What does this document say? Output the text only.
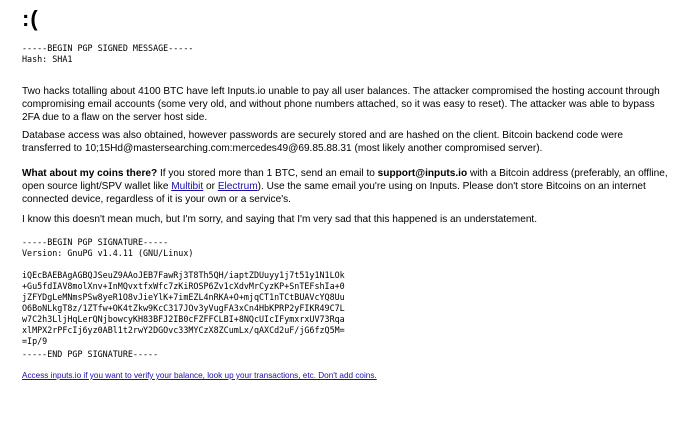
:(
-----BEGIN PGP SIGNED MESSAGE-----
Hash: SHA1
Two hacks totalling about 4100 BTC have left Inputs.io unable to pay all user balances. The attacker compromised the hosting account through compromising email accounts (some very old, and without phone numbers attached, so it was easy to reset). The attacker was able to bypass 2FA due to a flaw on the server host side.
Database access was also obtained, however passwords are securely stored and are hashed on the client. Bitcoin backend code were transferred to 10;15Hd@mastersearching.com:mercedes49@69.85.88.31 (most likely another compromised server).
What about my coins there? If you stored more than 1 BTC, send an email to support@inputs.io with a Bitcoin address (preferably, an offline, open source light/SPV wallet like Multibit or Electrum). Use the same email you're using on Inputs. Please don't store Bitcoins on an internet connected device, regardless of it is your own or a service's.
I know this doesn't mean much, but I'm sorry, and saying that I'm very sad that this happened is an understatement.
-----BEGIN PGP SIGNATURE-----
Version: GnuPG v1.4.11 (GNU/Linux)
iQEcBAEBAgAGBQJSeuZ9AAoJEB7FawRj3T8Th5QH/iaptZDUuyy1j7t51y1N1LOk
+Gu5fdIAV8molXnv+InMQvxtfxWfc7zKiROSP6Zv1cXdvMrCyzKP+SnTEFshIa+0
jZFYDgLeMNmsPSw8yeR1O8vJieYlK+7imEZL4nRKA+O+mjqCT1nTCtBUAVcYQ8Uu
O6BoNLkgT8z/1ZTfw+OK4tZkw9KcC317JOv3yVugFA3xCn4HbKPRP2yFIKR49C7L
w7C2h3LljHqLerQNjbowcyKH83BFJ2IB0cFZFFCLBI+8NQcUIcIFymxrxUV73Rqa
xlMPX2rPFcIj6yz0ABl1t2rwY2DGOvc33MYCzX8ZCumLx/qAXCd2uF/jG6fzQ5M=
=Ip/9
-----END PGP SIGNATURE-----
Access inputs.io if you want to verify your balance, look up your transactions, etc. Don't add coins.
